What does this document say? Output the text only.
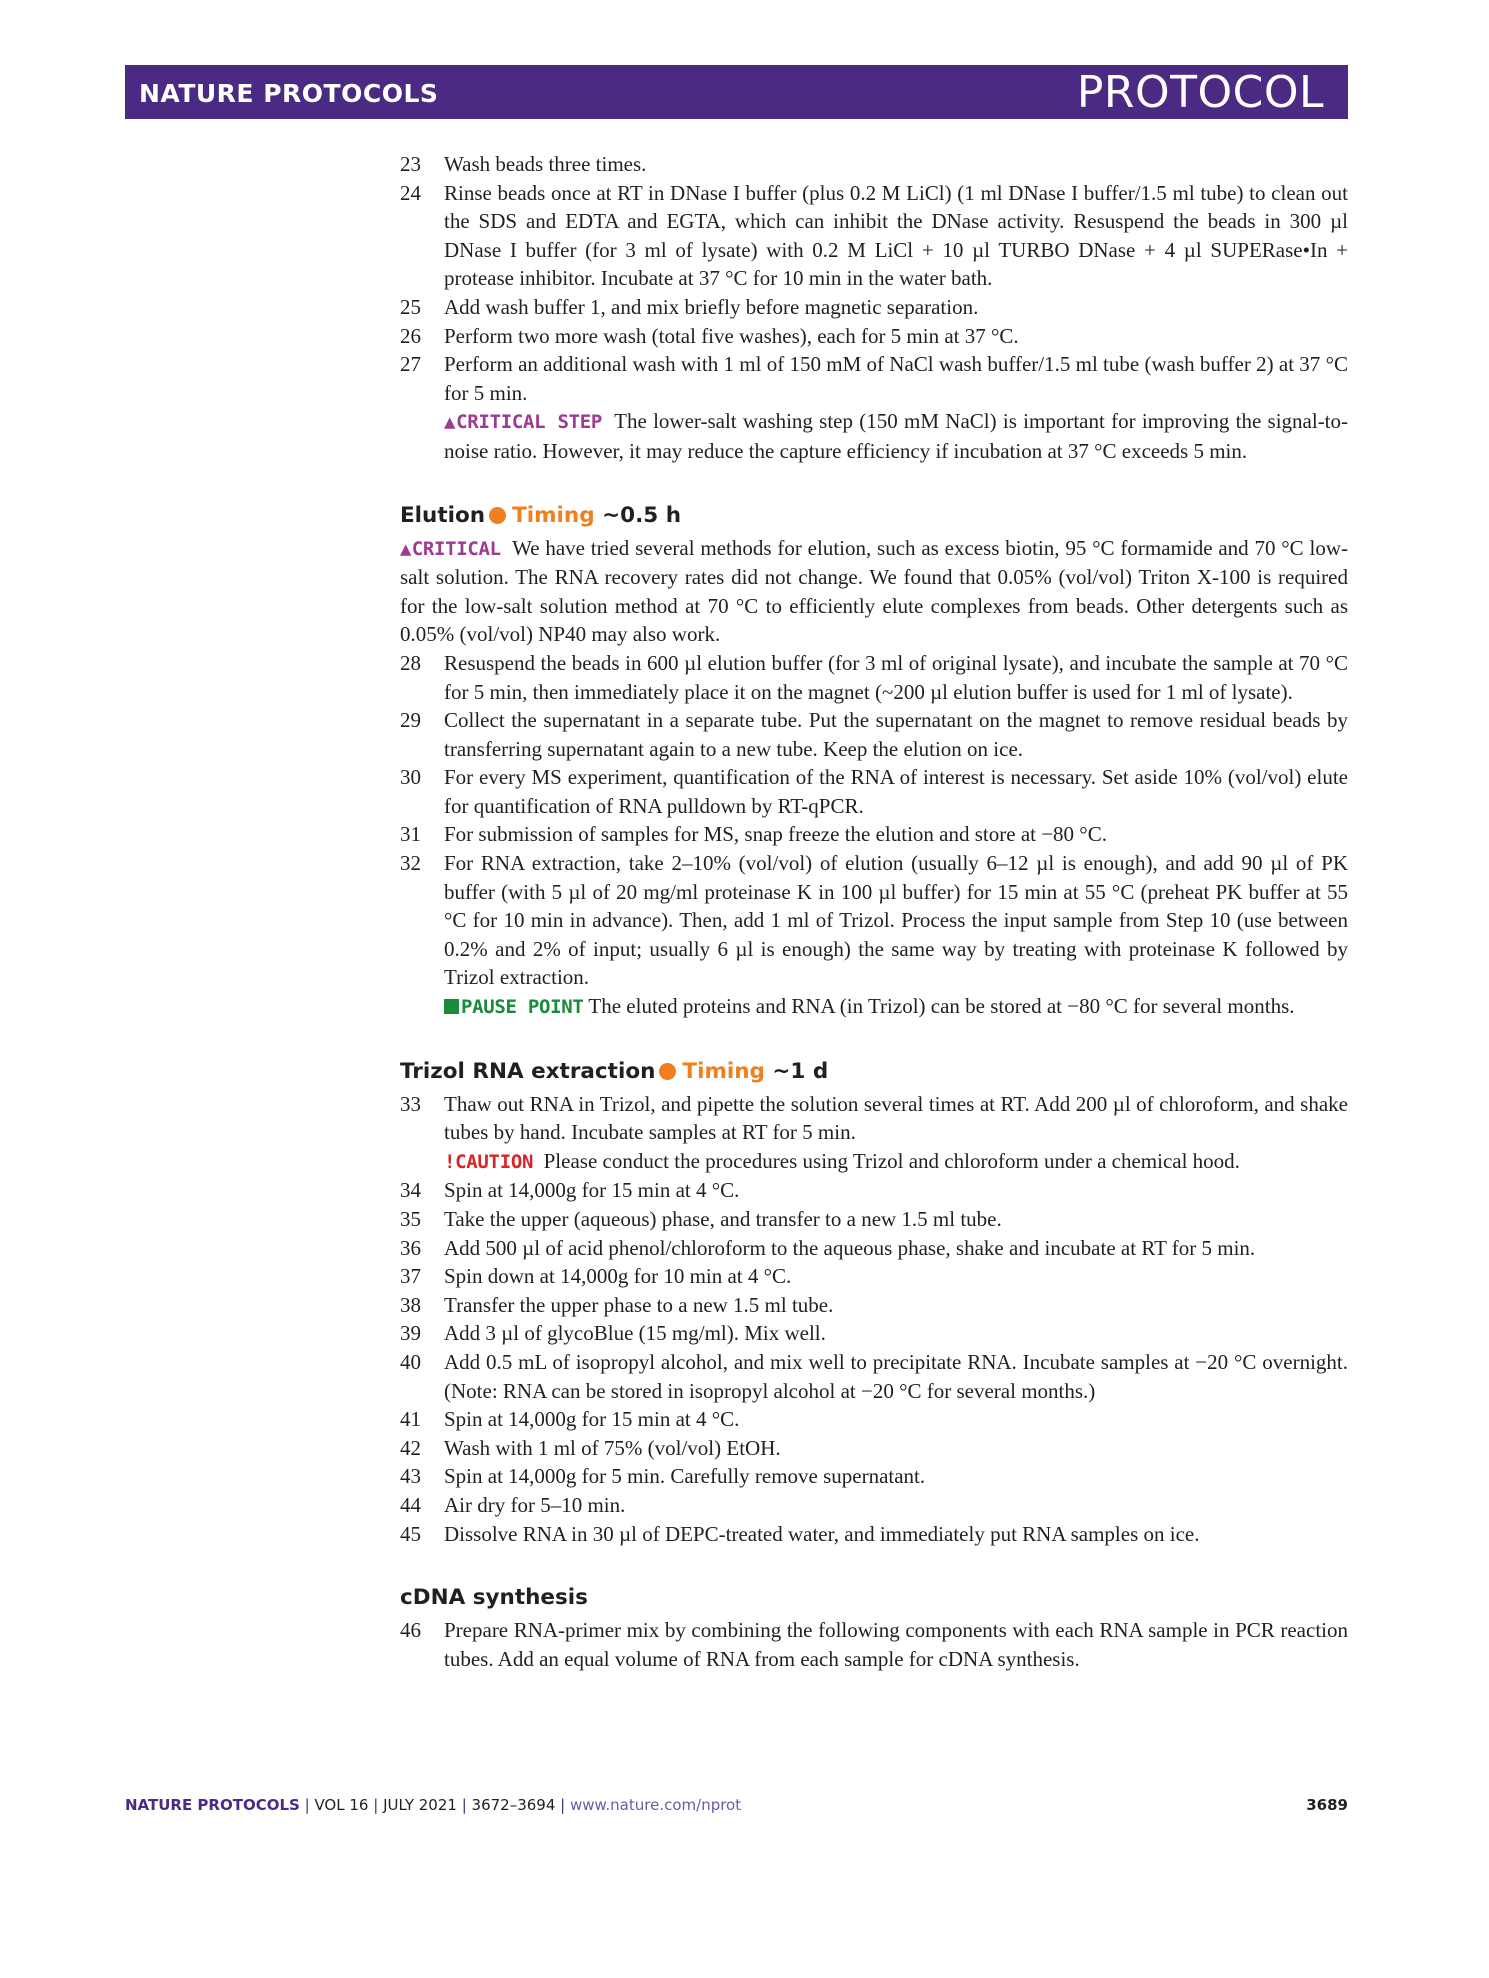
NATURE PROTOCOLS	PROTOCOL
23 Wash beads three times.
24 Rinse beads once at RT in DNase I buffer (plus 0.2 M LiCl) (1 ml DNase I buffer/1.5 ml tube) to clean out the SDS and EDTA and EGTA, which can inhibit the DNase activity. Resuspend the beads in 300 µl DNase I buffer (for 3 ml of lysate) with 0.2 M LiCl + 10 µl TURBO DNase + 4 µl SUPERase•In + protease inhibitor. Incubate at 37 °C for 10 min in the water bath.
25 Add wash buffer 1, and mix briefly before magnetic separation.
26 Perform two more wash (total five washes), each for 5 min at 37 °C.
27 Perform an additional wash with 1 ml of 150 mM of NaCl wash buffer/1.5 ml tube (wash buffer 2) at 37 °C for 5 min.
▲CRITICAL STEP The lower-salt washing step (150 mM NaCl) is important for improving the signal-to-noise ratio. However, it may reduce the capture efficiency if incubation at 37 °C exceeds 5 min.
Elution Timing ~0.5 h
▲CRITICAL We have tried several methods for elution, such as excess biotin, 95 °C formamide and 70 °C low-salt solution. The RNA recovery rates did not change. We found that 0.05% (vol/vol) Triton X-100 is required for the low-salt solution method at 70 °C to efficiently elute complexes from beads. Other detergents such as 0.05% (vol/vol) NP40 may also work.
28 Resuspend the beads in 600 µl elution buffer (for 3 ml of original lysate), and incubate the sample at 70 °C for 5 min, then immediately place it on the magnet (~200 µl elution buffer is used for 1 ml of lysate).
29 Collect the supernatant in a separate tube. Put the supernatant on the magnet to remove residual beads by transferring supernatant again to a new tube. Keep the elution on ice.
30 For every MS experiment, quantification of the RNA of interest is necessary. Set aside 10% (vol/vol) elute for quantification of RNA pulldown by RT-qPCR.
31 For submission of samples for MS, snap freeze the elution and store at −80 °C.
32 For RNA extraction, take 2–10% (vol/vol) of elution (usually 6–12 µl is enough), and add 90 µl of PK buffer (with 5 µl of 20 mg/ml proteinase K in 100 µl buffer) for 15 min at 55 °C (preheat PK buffer at 55 °C for 10 min in advance). Then, add 1 ml of Trizol. Process the input sample from Step 10 (use between 0.2% and 2% of input; usually 6 µl is enough) the same way by treating with proteinase K followed by Trizol extraction.
PAUSE POINT The eluted proteins and RNA (in Trizol) can be stored at −80 °C for several months.
Trizol RNA extraction Timing ~1 d
33 Thaw out RNA in Trizol, and pipette the solution several times at RT. Add 200 µl of chloroform, and shake tubes by hand. Incubate samples at RT for 5 min.
!CAUTION Please conduct the procedures using Trizol and chloroform under a chemical hood.
34 Spin at 14,000g for 15 min at 4 °C.
35 Take the upper (aqueous) phase, and transfer to a new 1.5 ml tube.
36 Add 500 µl of acid phenol/chloroform to the aqueous phase, shake and incubate at RT for 5 min.
37 Spin down at 14,000g for 10 min at 4 °C.
38 Transfer the upper phase to a new 1.5 ml tube.
39 Add 3 µl of glycoBlue (15 mg/ml). Mix well.
40 Add 0.5 mL of isopropyl alcohol, and mix well to precipitate RNA. Incubate samples at −20 °C overnight. (Note: RNA can be stored in isopropyl alcohol at −20 °C for several months.)
41 Spin at 14,000g for 15 min at 4 °C.
42 Wash with 1 ml of 75% (vol/vol) EtOH.
43 Spin at 14,000g for 5 min. Carefully remove supernatant.
44 Air dry for 5–10 min.
45 Dissolve RNA in 30 µl of DEPC-treated water, and immediately put RNA samples on ice.
cDNA synthesis
46 Prepare RNA-primer mix by combining the following components with each RNA sample in PCR reaction tubes. Add an equal volume of RNA from each sample for cDNA synthesis.
NATURE PROTOCOLS | VOL 16 | JULY 2021 | 3672–3694 | www.nature.com/nprot	3689
